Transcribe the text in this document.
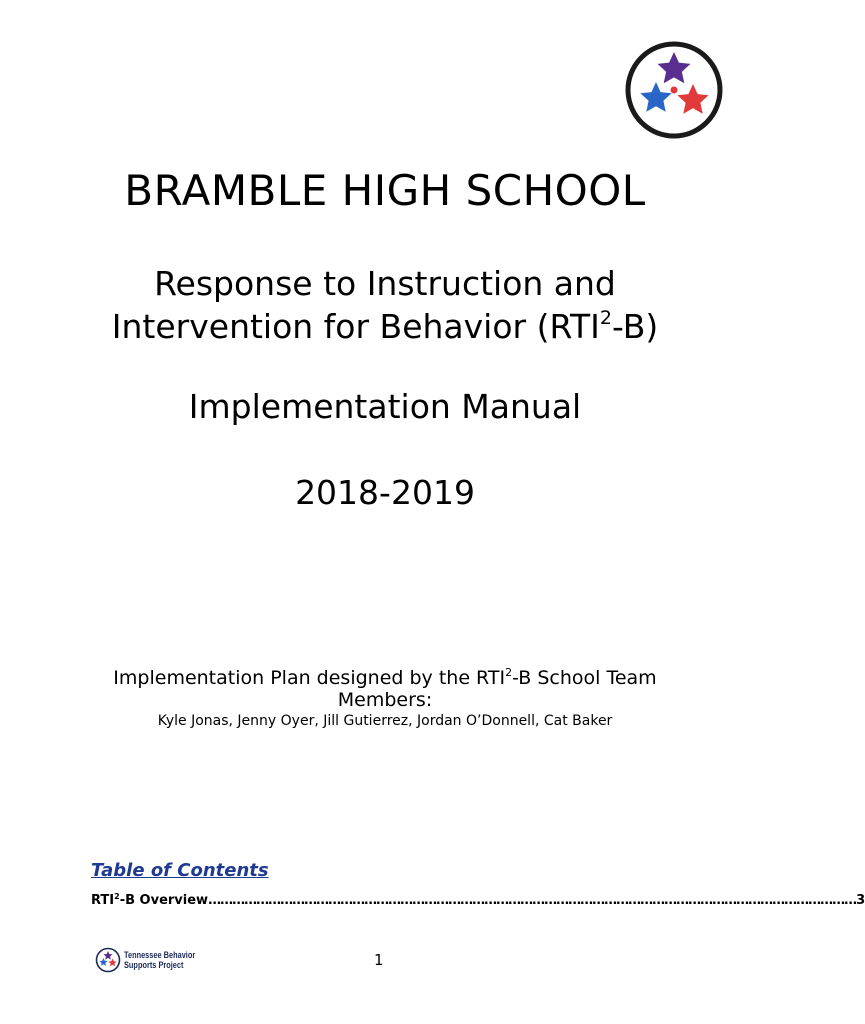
BRAMBLE HIGH SCHOOL
Response to Instruction and
Intervention for Behavior (RTI$^2$-B)
Implementation Manual
2018-2019
Implementation Plan designed by the RTI$^2$-B School Team
Members:
Kyle Jonas, Jenny Oyer, Jill Gutierrez, Jordan O’Donnell, Cat Baker
Table of Contents
RTI$^2$-B Overview ……………………………………………………………………………………………………………………………………………… 3
Tennessee Behavior
Supports Project	1
